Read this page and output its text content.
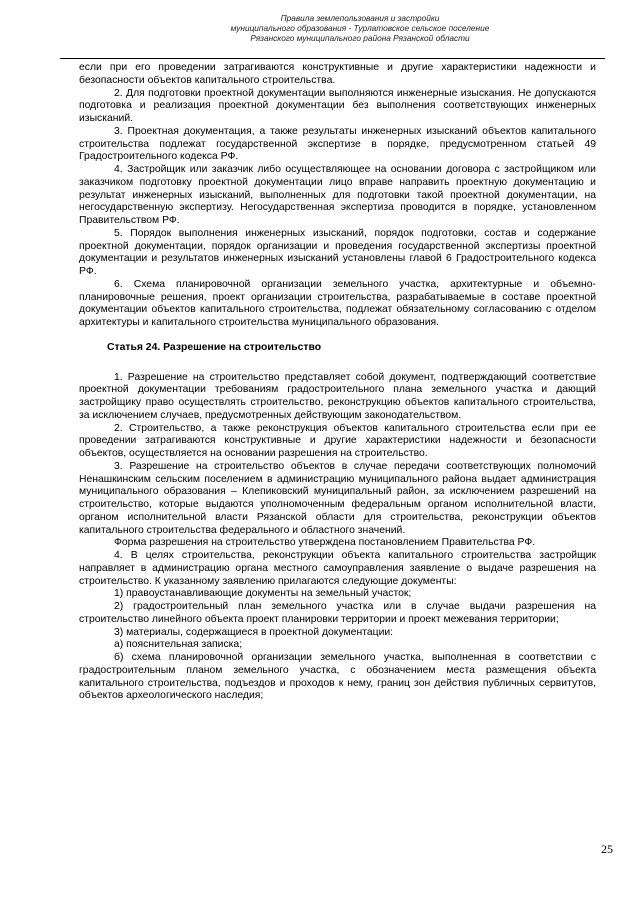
Правила землепользования и застройки
муниципального образования - Турлатовское сельское поселение
Рязанского муниципального района Рязанской области

если при его проведении затрагиваются конструктивные и другие характеристики надежности и безопасности объектов капитального строительства.

2. Для подготовки проектной документации выполняются инженерные изыскания. Не допускаются подготовка и реализация проектной документации без выполнения соответствующих инженерных изысканий.

3. Проектная документация, а также результаты инженерных изысканий объектов капитального строительства подлежат государственной экспертизе в порядке, предусмотренном статьей 49 Градостроительного кодекса РФ.

4. Застройщик или заказчик либо осуществляющее на основании договора с застройщиком или заказчиком подготовку проектной документации лицо вправе направить проектную документацию и результат инженерных изысканий, выполненных для подготовки такой проектной документации, на негосударственную экспертизу. Негосударственная экспертиза проводится в порядке, установленном Правительством РФ.

5. Порядок выполнения инженерных изысканий, порядок подготовки, состав и содержание проектной документации, порядок организации и проведения государственной экспертизы проектной документации и результатов инженерных изысканий установлены главой 6 Градостроительного кодекса РФ.

6. Схема планировочной организации земельного участка, архитектурные и объемно-планировочные решения, проект организации строительства, разрабатываемые в составе проектной документации объектов капитального строительства, подлежат обязательному согласованию с отделом архитектуры и капитального строительства муниципального образования.

Статья 24. Разрешение на строительство

1. Разрешение на строительство представляет собой документ, подтверждающий соответствие проектной документации требованиям градостроительного плана земельного участка и дающий застройщику право осуществлять строительство, реконструкцию объектов капитального строительства, за исключением случаев, предусмотренных действующим законодательством.

2. Строительство, а также реконструкция объектов капитального строительства если при ее проведении затрагиваются конструктивные и другие характеристики надежности и безопасности объектов, осуществляется на основании разрешения на строительство.

3. Разрешение на строительство объектов в случае передачи соответствующих полномочий Ненашкинским сельским поселением в администрацию муниципального района выдает администрация муниципального образования – Клепиковский муниципальный район, за исключением разрешений на строительство, которые выдаются уполномоченным федеральным органом исполнительной власти, органом исполнительной власти Рязанской области для строительства, реконструкции объектов капитального строительства федерального и областного значений.

Форма разрешения на строительство утверждена постановлением Правительства РФ.

4. В целях строительства, реконструкции объекта капитального строительства застройщик направляет в администрацию органа местного самоуправления заявление о выдаче разрешения на строительство. К указанному заявлению прилагаются следующие документы:

1) правоустанавливающие документы на земельный участок;

2) градостроительный план земельного участка или в случае выдачи разрешения на строительство линейного объекта проект планировки территории и проект межевания территории;

3) материалы, содержащиеся в проектной документации:

а) пояснительная записка;

б) схема планировочной организации земельного участка, выполненная в соответствии с градостроительным планом земельного участка, с обозначением места размещения объекта капитального строительства, подъездов и проходов к нему, границ зон действия публичных сервитутов, объектов археологического наследия;

25
